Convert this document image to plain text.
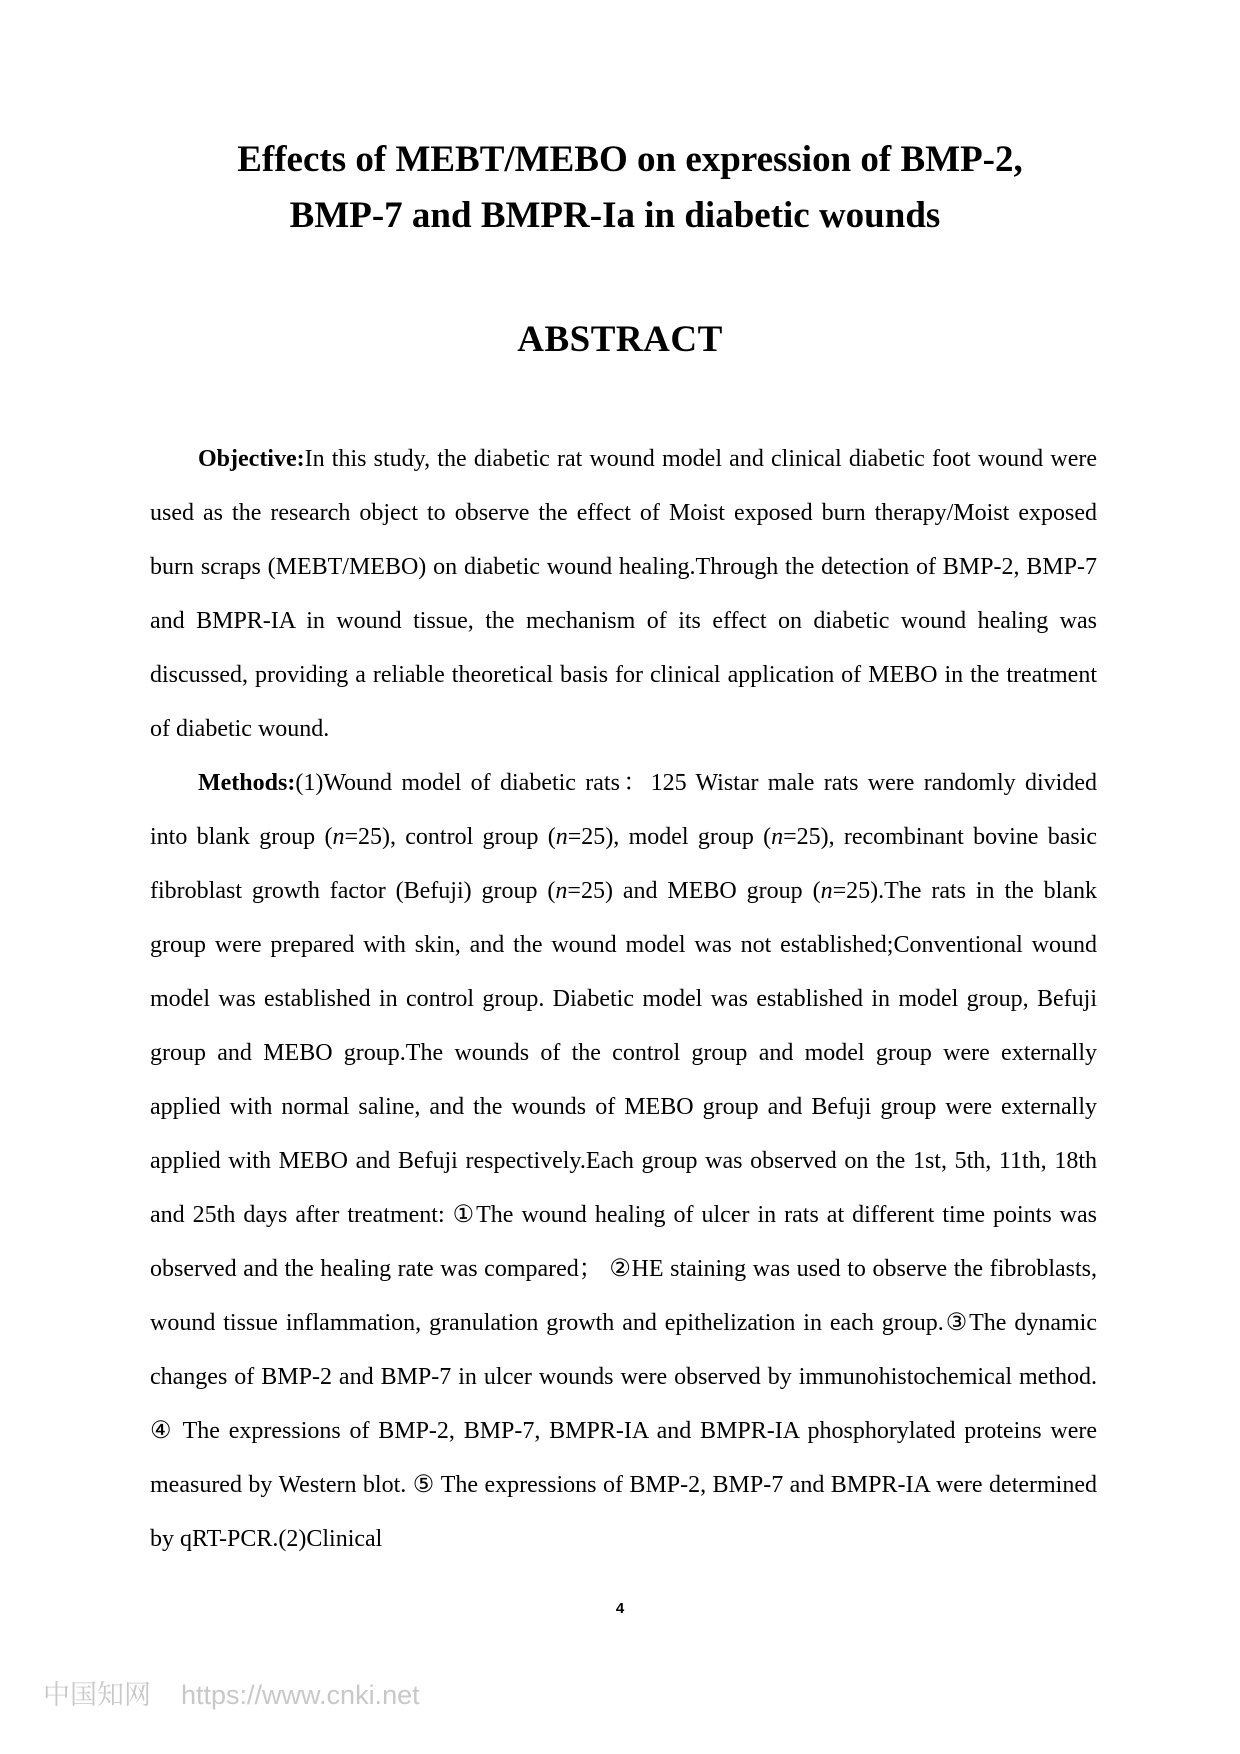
Effects of MEBT/MEBO on expression of BMP-2,
BMP-7 and BMPR-Ia in diabetic wounds
ABSTRACT

Objective:In this study, the diabetic rat wound model and clinical diabetic foot wound were used as the research object to observe the effect of Moist exposed burn therapy/Moist exposed burn scraps (MEBT/MEBO) on diabetic wound healing.Through the detection of BMP-2, BMP-7 and BMPR-IA in wound tissue, the mechanism of its effect on diabetic wound healing was discussed, providing a reliable theoretical basis for clinical application of MEBO in the treatment of diabetic wound.

Methods:(1)Wound model of diabetic rats：125 Wistar male rats were randomly divided into blank group (n=25), control group (n=25), model group (n=25), recombinant bovine basic fibroblast growth factor (Befuji) group (n=25) and MEBO group (n=25).The rats in the blank group were prepared with skin, and the wound model was not established;Conventional wound model was established in control group. Diabetic model was established in model group, Befuji group and MEBO group.The wounds of the control group and model group were externally applied with normal saline, and the wounds of MEBO group and Befuji group were externally applied with MEBO and Befuji respectively.Each group was observed on the 1st, 5th, 11th, 18th and 25th days after treatment: ①The wound healing of ulcer in rats at different time points was observed and the healing rate was compared； ②HE staining was used to observe the fibroblasts, wound tissue inflammation, granulation growth and epithelization in each group.③The dynamic changes of BMP-2 and BMP-7 in ulcer wounds were observed by immunohistochemical method. ④ The expressions of BMP-2, BMP-7, BMPR-IA and BMPR-IA phosphorylated proteins were measured by Western blot. ⑤ The expressions of BMP-2, BMP-7 and BMPR-IA were determined by qRT-PCR.(2)Clinical

4
中国知网 https://www.cnki.net
